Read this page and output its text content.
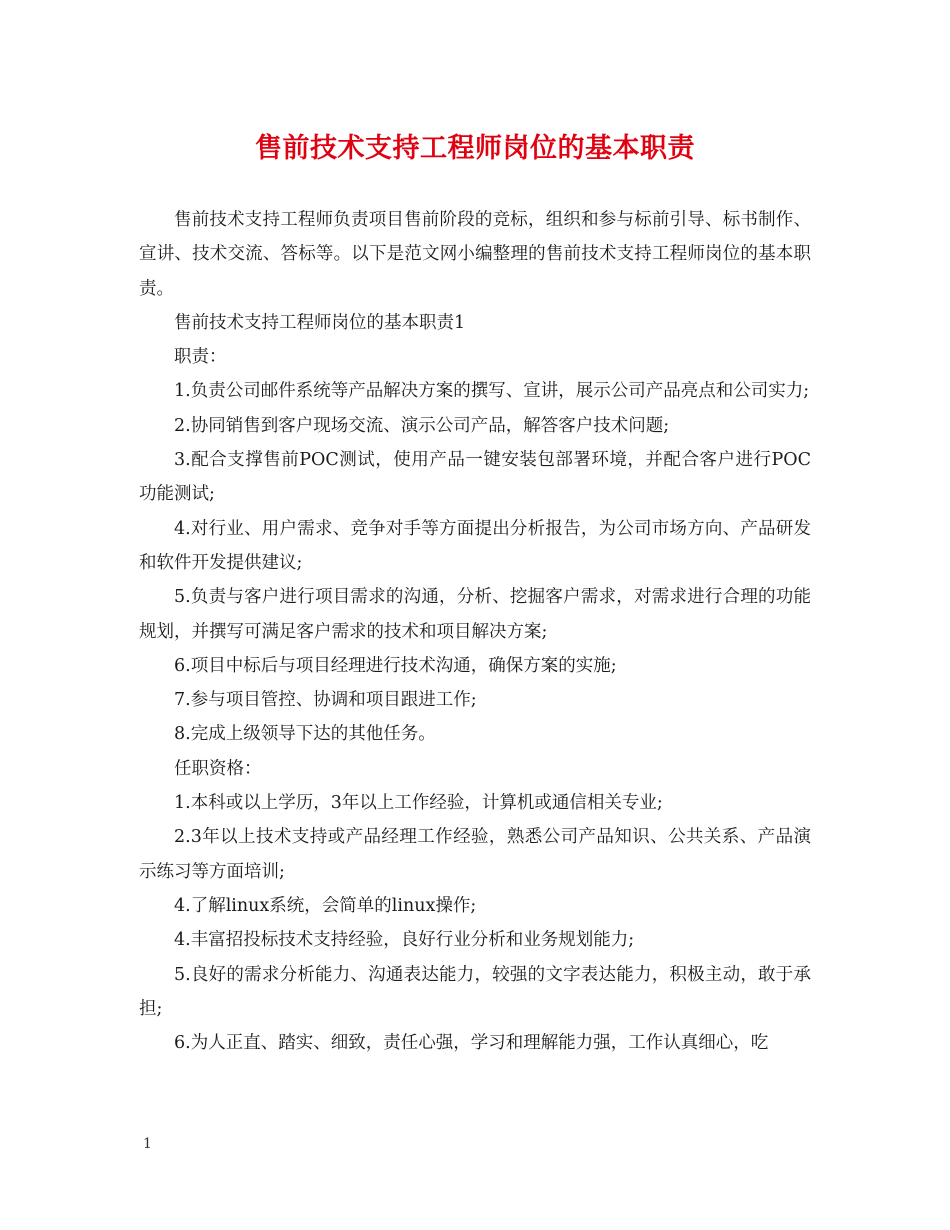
售前技术支持工程师岗位的基本职责

售前技术支持工程师负责项目售前阶段的竞标，组织和参与标前引导、标书制作、宣讲、技术交流、答标等。以下是范文网小编整理的售前技术支持工程师岗位的基本职责。

售前技术支持工程师岗位的基本职责1

职责：

1.负责公司邮件系统等产品解决方案的撰写、宣讲，展示公司产品亮点和公司实力;

2.协同销售到客户现场交流、演示公司产品，解答客户技术问题;

3.配合支撑售前POC测试，使用产品一键安装包部署环境，并配合客户进行POC功能测试;

4.对行业、用户需求、竞争对手等方面提出分析报告，为公司市场方向、产品研发和软件开发提供建议;

5.负责与客户进行项目需求的沟通，分析、挖掘客户需求，对需求进行合理的功能规划，并撰写可满足客户需求的技术和项目解决方案;

6.项目中标后与项目经理进行技术沟通，确保方案的实施;

7.参与项目管控、协调和项目跟进工作;

8.完成上级领导下达的其他任务。

任职资格：

1.本科或以上学历，3年以上工作经验，计算机或通信相关专业;

2.3年以上技术支持或产品经理工作经验，熟悉公司产品知识、公共关系、产品演示练习等方面培训;

4.了解linux系统，会简单的linux操作;

4.丰富招投标技术支持经验，良好行业分析和业务规划能力;

5.良好的需求分析能力、沟通表达能力，较强的文字表达能力，积极主动，敢于承担;

6.为人正直、踏实、细致，责任心强，学习和理解能力强，工作认真细心，吃

1
